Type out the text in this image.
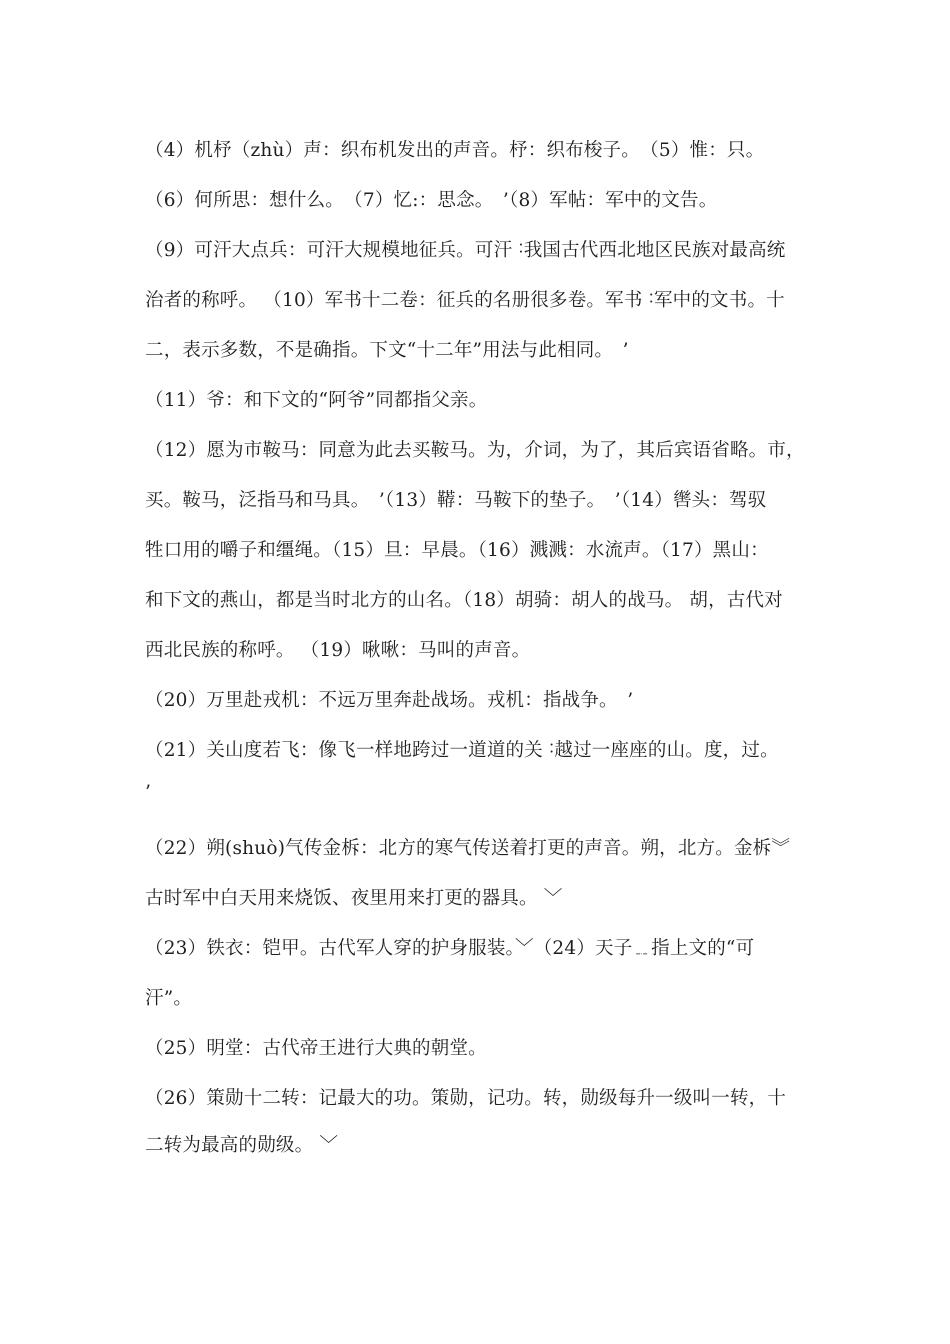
（4）机杼（zhù）声：织布机发出的声音。杼：织布梭子。　（5）惟：只。
（6）何所思：想什么。　（7）忆:：思念。　’（8）军帖：军中的文告。
（9）可汗大点兵：可汗大规模地征兵。可汗 ˸我国古代西北地区民族对最高统
治者的称呼。 （10）军书十二卷：征兵的名册很多卷。军书 ˸军中的文书。十
二，表示多数，不是确指。下文“十二年”用法与此相同。　’
（11）爷：和下文的“阿爷”同都指父亲。
（12）愿为市鞍马：同意为此去买鞍马。为，介词，为了，其后宾语省略。市，
买。鞍马，泛指马和马具。　’（13）鞯：马鞍下的垫子。　’（14）辔头：驾驭
牲口用的嚼子和缰绳。（15）旦：早晨。（16）溅溅：水流声。（17）黑山：
和下文的燕山，都是当时北方的山名。（18）胡骑：胡人的战马。 胡，古代对
西北民族的称呼。 （19）啾啾：马叫的声音。
（20）万里赴戎机：不远万里奔赴战场。戎机：指战争。　’
（21）关山度若飞：像飞一样地跨过一道道的关 ˸越过一座座的山。度，过。
’
（22）朔(shuò)气传金柝：北方的寒气传送着打更的声音。朔，北方。金柝︾
古时军中白天用来烧饭、夜里用来打更的器具。 ﹀
（23）铁衣：铠甲。古代军人穿的护身服装。﹀（24）天子﹎指上文的“可
汗”。
（25）明堂：古代帝王进行大典的朝堂。
（26）策勋十二转：记最大的功。策勋，记功。转，勋级每升一级叫一转，十
二转为最高的勋级。 ﹀
